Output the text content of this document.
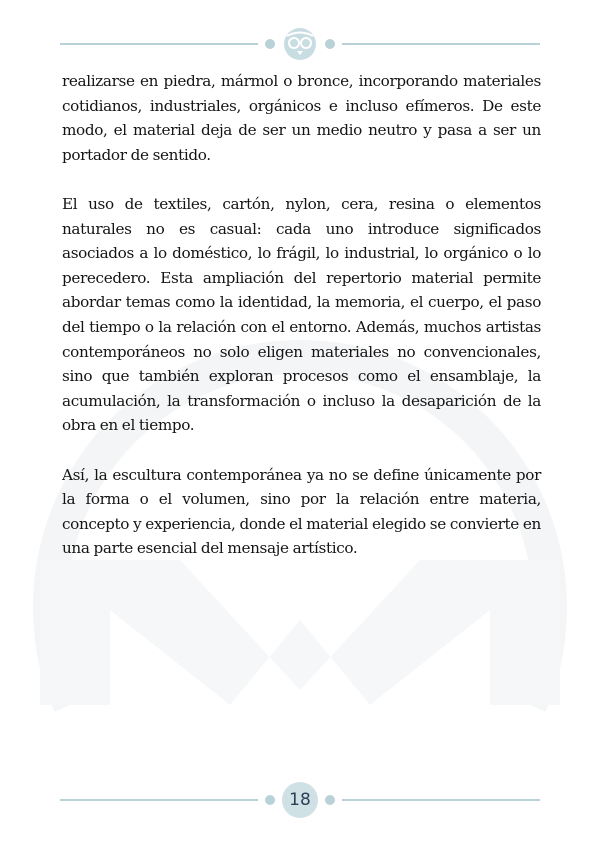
realizarse en piedra, mármol o bronce, incorporando materiales cotidianos, industriales, orgánicos e incluso efímeros. De este modo, el material deja de ser un medio neutro y pasa a ser un portador de sentido.

El uso de textiles, cartón, nylon, cera, resina o elementos naturales no es casual: cada uno introduce significados asociados a lo doméstico, lo frágil, lo industrial, lo orgánico o lo perecedero. Esta ampliación del repertorio material permite abordar temas como la identidad, la memoria, el cuerpo, el paso del tiempo o la relación con el entorno. Además, muchos artistas contemporáneos no solo eligen materiales no convencionales, sino que también exploran procesos como el ensamblaje, la acumulación, la transformación o incluso la desaparición de la obra en el tiempo.

Así, la escultura contemporánea ya no se define únicamente por la forma o el volumen, sino por la relación entre materia, concepto y experiencia, donde el material elegido se convierte en una parte esencial del mensaje artístico.

18
